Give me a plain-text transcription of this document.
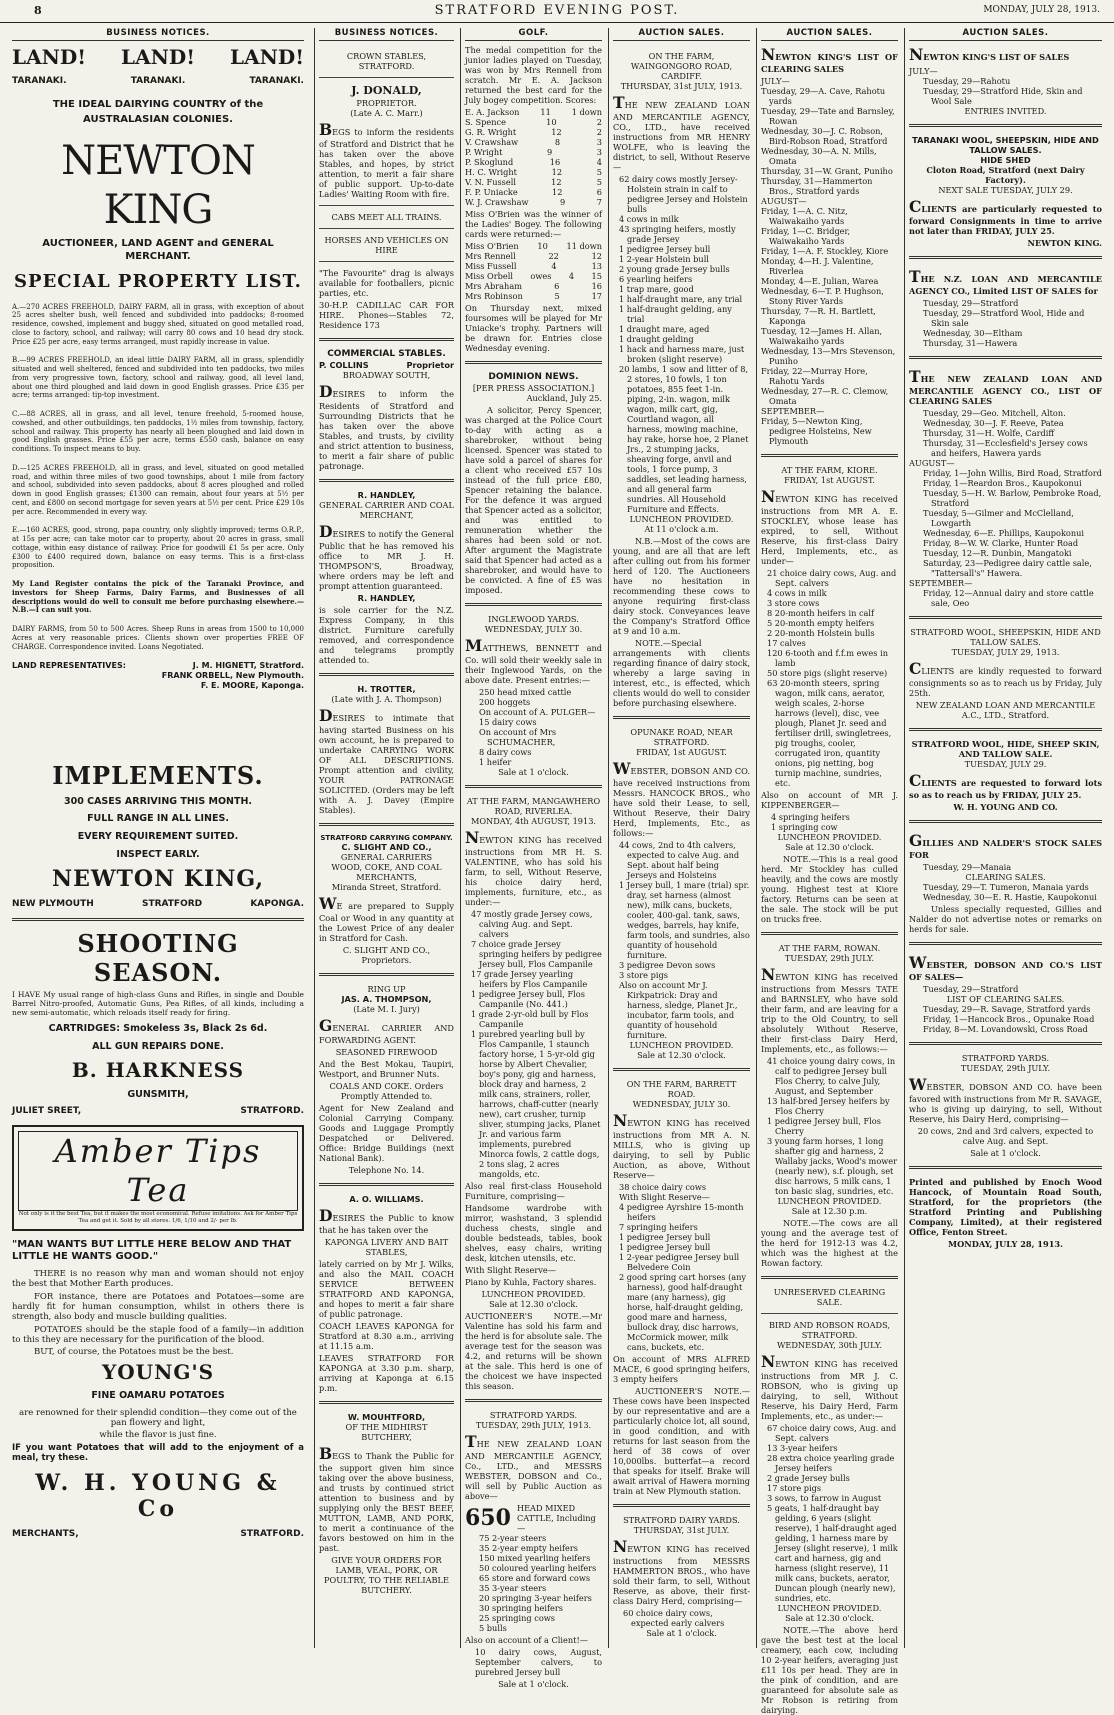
8	STRATFORD EVENING POST.	MONDAY, JULY 28, 1913.
BUSINESS NOTICES.
LAND! LAND! LAND!
TARANAKI.	TARANAKI.	TARANAKI.
THE IDEAL DAIRYING COUNTRY of the AUSTRALASIAN COLONIES.
NEWTON KING
AUCTIONEER, LAND AGENT and GENERAL MERCHANT.
SPECIAL PROPERTY LIST.
A.—270 ACRES FREEHOLD, DAIRY FARM, all in grass, with exception of about 25 acres shelter bush, well fenced and subdivided into paddocks; 8-roomed residence, cowshed, implement and buggy shed, situated on good metalled road, close to factory, school, and railway; will carry 80 cows and 10 head dry stock. Price £25 per acre, easy terms arranged, must rapidly increase in value.
B.—99 ACRES FREEHOLD, an ideal little DAIRY FARM, all in grass, splendidly situated and well sheltered, fenced and subdivided into ten paddocks, two miles from very progressive town, factory, school and railway, good, all level land, about one third ploughed and laid down in good English grasses. Price £35 per acre; terms arranged: tip-top investment.
C.—88 ACRES, all in grass, and all level, tenure freehold, 5-roomed house, cowshed, and other outbuildings, ten paddocks, 1½ miles from township, factory, school and railway. This property has nearly all been ploughed and laid down in good English grasses. Price £55 per acre, terms £550 cash, balance on easy conditions. To inspect means to buy.
D.—125 ACRES FREEHOLD, all in grass, and level, situated on good metalled road, and within three miles of two good townships, about 1 mile from factory and school, subdivided into seven paddocks, about 8 acres ploughed and rolled down in good English grasses; £1300 can remain, about four years at 5½ per cent, and £800 on second mortgage for seven years at 5½ per cent. Price £29 10s per acre. Recommended in every way.
E.—160 ACRES, good, strong, papa country, only slightly improved; terms O.R.P., at 15s per acre; can take motor car to property, about 20 acres in grass, small cottage, within easy distance of railway. Price for goodwill £1 5s per acre. Only £300 to £400 required down, balance on easy terms. This is a first-class proposition.
My Land Register contains the pick of the Taranaki Province, and investors for Sheep Farms, Dairy Farms, and Businesses of all descriptions would do well to consult me before purchasing elsewhere.—N.B.—I can suit you.
DAIRY FARMS, from 50 to 500 Acres. Sheep Runs in areas from 1500 to 10,000 Acres at very reasonable prices. Clients shown over properties FREE OF CHARGE. Correspondence invited. Loans Negotiated.
LAND REPRESENTATIVES:	J. M. HIGNETT, Stratford.
FRANK ORBELL, New Plymouth.
F. E. MOORE, Kaponga.
IMPLEMENTS.
300 CASES ARRIVING THIS MONTH.
FULL RANGE IN ALL LINES.
EVERY REQUIREMENT SUITED.
INSPECT EARLY.
NEWTON KING,
NEW PLYMOUTH	STRATFORD	KAPONGA.
SHOOTING SEASON.

I HAVE My usual range of high-class Guns and Rifles, in single and Double Barrel Nitro-proofed, Automatic Guns, Pea Rifles, of all kinds, including a new semi-automatic, which reloads itself ready for firing.

CARTRIDGES: Smokeless 3s, Black 2s 6d.
ALL GUN REPAIRS DONE.
B. HARKNESS
GUNSMITH,
JULIET SREET,	STRATFORD.
Amber Tips Tea
Not only is it the best Tea, but it makes the most economical. Refuse imitations. Ask for Amber Tips Tea and get it. Sold by all stores. 1/6, 1/10 and 2/- per lb.
"MAN WANTS BUT LITTLE HERE BELOW AND THAT LITTLE HE WANTS GOOD."

THERE is no reason why man and woman should not enjoy the best that Mother Earth produces.

FOR instance, there are Potatoes and Potatoes—some are hardly fit for human consumption, whilst in others there is strength, also body and muscle building qualities.

POTATOES should be the staple food of a family—in addition to this they are necessary for the purification of the blood.

BUT, of course, the Potatoes must be the best.

YOUNG'S
FINE OAMARU POTATOES

are renowned for their splendid condition—they come out of the pan flowery and light,

while the flavor is just fine.

IF you want Potatoes that will add to the enjoyment of a meal, try these.

W. H. YOUNG & Co
MERCHANTS,	STRATFORD.
BUSINESS NOTICES.
CROWN STABLES, STRATFORD.
J. DONALD,
PROPRIETOR.
(Late A. C. Marr.)

BEGS to inform the residents of Stratford and District that he has taken over the above Stables, and hopes, by strict attention, to merit a fair share of public support. Up-to-date Ladies' Waiting Room with fire.

CABS MEET ALL TRAINS.
HORSES AND VEHICLES ON HIRE

"The Favourite" drag is always available for footballers, picnic parties, etc.

30-H.P. CADILLAC CAR FOR HIRE. Phones—Stables 72, Residence 173

COMMERCIAL STABLES.
P. COLLINS	Proprietor
BROADWAY SOUTH,

DESIRES to inform the Residents of Stratford and Surrounding Districts that he has taken over the above Stables, and trusts, by civility and strict attention to business, to merit a fair share of public patronage.

R. HANDLEY,
GENERAL CARRIER AND COAL MERCHANT,

DESIRES to notify the General Public that he has removed his office to MR J. H. THOMPSON'S, Broadway, where orders may be left and prompt attention guaranteed.

R. HANDLEY,

is sole carrier for the N.Z. Express Company, in this district. Furniture carefully removed, and correspondence and telegrams promptly attended to.

H. TROTTER,
(Late with J. A. Thompson)

DESIRES to intimate that having started Business on his own account, he is prepared to undertake CARRYING WORK OF ALL DESCRIPTIONS. Prompt attention and civility, YOUR PATRONAGE SOLICITED. (Orders may be left with A. J. Davey (Empire Stables).

STRATFORD CARRYING COMPANY.
C. SLIGHT AND CO.,
GENERAL CARRIERS
WOOD, COKE, AND COAL MERCHANTS,
Miranda Street, Stratford.

WE are prepared to Supply Coal or Wood in any quantity at the Lowest Price of any dealer in Stratford for Cash.

C. SLIGHT AND CO., Proprietors.
RING UP
JAS. A. THOMPSON,
(Late M. I. Jury)

GENERAL CARRIER AND FORWARDING AGENT.

SEASONED FIREWOOD

And the Best Mokau, Taupiri, Westport, and Brunner Nuts.

COALS AND COKE. Orders Promptly Attended to.

Agent for New Zealand and Colonial Carrying Company. Goods and Luggage Promptly Despatched or Delivered. Office: Bridge Buildings (next National Bank).

Telephone No. 14.
A. O. WILLIAMS.

DESIRES the Public to know that he has taken over the

KAPONGA LIVERY AND BAIT STABLES,

lately carried on by Mr J. Wilks, and also the MAIL COACH SERVICE BETWEEN STRATFORD AND KAPONGA, and hopes to merit a fair share of public patronage.

COACH LEAVES KAPONGA for Stratford at 8.30 a.m., arriving at 11.15 a.m.

LEAVES STRATFORD FOR KAPONGA at 3.30 p.m. sharp, arriving at Kaponga at 6.15 p.m.

W. MOUHTFORD,
OF THE MIDHIRST BUTCHERY,

BEGS to Thank the Public for the support given him since taking over the above business, and trusts by continued strict attention to business and by supplying only the BEST BEEF, MUTTON, LAMB, AND PORK, to merit a continuance of the favors bestowed on him in the past.

GIVE YOUR ORDERS FOR LAMB, VEAL, PORK, OR POULTRY, TO THE RELIABLE BUTCHERY.

GOLF.

The medal competition for the junior ladies played on Tuesday, was won by Mrs Rennell from scratch. Mr E. A. Jackson returned the best card for the July bogey competition. Scores:

E. A. Jackson	11	1 down
S. Spence	10	2
G. R. Wright	12	2
V. Crawshaw	8	3
P. Wright	9	3
P. Skoglund	16	4
H. C. Wright	12	5
V. N. Fussell	12	5
F. P. Uniacke	12	6
W. J. Crawshaw	9	7

Miss O'Brien was the winner of the Ladies' Bogey. The following cards were returned:—

Miss O'Brien 10 11 down
Mrs Rennell	22	12
Miss Fussell	4	13
Miss Orbell owes 4 15
Mrs Abraham	6	16
Mrs Robinson	5	17

On Thursday next, mixed foursomes will be played for Mr Uniacke's trophy. Partners will be drawn for. Entries close Wednesday evening.

DOMINION NEWS.
[PER PRESS ASSOCIATION.]
Auckland, July 25.

A solicitor, Percy Spencer, was charged at the Police Court to-day with acting as a sharebroker, without being licensed. Spencer was stated to have sold a parcel of shares for a client who received £57 10s instead of the full price £80, Spencer retaining the balance. For the defence it was argued that Spencer acted as a solicitor, and was entitled to remuneration whether the shares had been sold or not. After argument the Magistrate said that Spencer had acted as a sharebroker, and would have to be convicted. A fine of £5 was imposed.

INGLEWOOD YARDS.
WEDNESDAY, JULY 30.

MATTHEWS, BENNETT and Co. will sold their weekly sale in their Inglewood Yards, on the above date. Present entries:—

250 head mixed cattle
200 hoggets
On account of A. PULGER—
15 dairy cows
On account of Mrs SCHUMACHER,
8 dairy cows
1 heifer
Sale at 1 o'clock.
AT THE FARM, MANGAWHERO ROAD, RIVERLEA.
MONDAY, 4th AUGUST, 1913.

NEWTON KING has received instructions from MR H. S. VALENTINE, who has sold his farm, to sell, Without Reserve, his choice dairy herd, implements, furniture, etc., as under:—

47 mostly grade Jersey cows, calving Aug. and Sept. calvers
7 choice grade Jersey springing heifers by pedigree Jersey bull, Flos Campanile
17 grade Jersey yearling heifers by Flos Campanile
1 pedigree Jersey bull, Flos Campanile (No. 441.)
1 grade 2-yr-old bull by Flos Campanile
1 purebred yearling bull by Flos Campanile, 1 staunch factory horse, 1 5-yr-old gig horse by Albert Chevalier, boy's pony, gig and harness, block dray and harness, 2 milk cans, strainers, roller, harrows, chaff-cutter (nearly new), cart crusher, turnip sliver, stumping jacks, Planet Jr. and various farm implements, purebred Minorca fowls, 2 cattle dogs, 2 tons slag, 2 acres mangolds, etc.

Also real first-class Household Furniture, comprising—

Handsome wardrobe with mirror, washstand, 3 splendid duchess chests, single and double bedsteads, tables, book shelves, easy chairs, writing desk, kitchen utensils, etc.

With Slight Reserve—

Piano by Kuhla, Factory shares.

LUNCHEON PROVIDED.
Sale at 12.30 o'clock.

AUCTIONEER'S NOTE.—Mr Valentine has sold his farm and the herd is for absolute sale. The average test for the season was 4.2, and returns will be shown at the sale. This herd is one of the choicest we have inspected this season.

STRATFORD YARDS.
TUESDAY, 29th JULY, 1913.

THE NEW ZEALAND LOAN AND MERCANTILE AGENCY, Co., LTD., and MESSRS WEBSTER, DOBSON and Co., will sell by Public Auction as above—

650 HEAD MIXED CATTLE, Including—
75 2-year steers
35 2-year empty heifers
150 mixed yearling heifers
50 coloured yearling heifers
65 store and forward cows
35 3-year steers
20 springing 3-year heifers
30 springing heifers
25 springing cows
5 bulls

Also on account of a Client!—

10 dairy cows, August, September calvers, to purebred Jersey bull

Sale at 1 o'clock.
AUCTION SALES.
ON THE FARM, WAINGONGORO ROAD, CARDIFF.
THURSDAY, 31st JULY, 1913.

THE NEW ZEALAND LOAN AND MERCANTILE AGENCY, CO., LTD., have received instructions from MR HENRY WOLFE, who is leaving the district, to sell, Without Reserve—

62 dairy cows mostly Jersey-Holstein strain in calf to pedigree Jersey and Holstein bulls
4 cows in milk
43 springing heifers, mostly grade Jersey
1 pedigree Jersey bull
1 2-year Holstein bull
2 young grade Jersey bulls
6 yearling heifers
1 trap mare, good
1 half-draught mare, any trial
1 half-draught gelding, any trial
1 draught mare, aged
1 draught gelding
1 hack and harness mare, just broken (slight reserve)
20 lambs, 1 sow and litter of 8, 2 stores, 10 fowls, 1 ton potatoes, 855 feet 1-in. piping, 2-in. wagon, milk wagon, milk cart, gig, Courtland wagon, all harness, mowing machine, hay rake, horse hoe, 2 Planet Jrs., 2 stumping jacks, sheaving forge, anvil and tools, 1 force pump, 3 saddles, set leading harness, and all general farm sundries. All Household Furniture and Effects.
LUNCHEON PROVIDED.
At 11 o'clock a.m.

N.B.—Most of the cows are young, and are all that are left after culling out from his former herd of 120. The Auctioneers have no hesitation in recommending these cows to anyone requiring first-class dairy stock. Conveyances leave the Company's Stratford Office at 9 and 10 a.m.

NOTE.—Special arrangements with clients regarding finance of dairy stock, whereby a large saving in interest, etc., is effected, which clients would do well to consider before purchasing elsewhere.

OPUNAKE ROAD, NEAR STRATFORD.
FRIDAY, 1st AUGUST.

WEBSTER, DOBSON AND CO. have received instructions from Messrs. HANCOCK BROS., who have sold their Lease, to sell, Without Reserve, their Dairy Herd, Implements, Etc., as follows:—

44 cows, 2nd to 4th calvers, expected to calve Aug. and Sept. about half being Jerseys and Holsteins
1 Jersey bull, 1 mare (trial) spr. dray, set harness (almost new), milk cans, buckets, cooler, 400-gal. tank, saws, wedges, barrels, hay knife, farm tools, and sundries, also quantity of household furniture.
3 pedigree Devon sows
3 store pigs
Also on account Mr J. Kirkpatrick: Dray and harness, sledge, Planet Jr., incubator, farm tools, and quantity of household furniture.
LUNCHEON PROVIDED.
Sale at 12.30 o'clock.
ON THE FARM, BARRETT ROAD.
WEDNESDAY, JULY 30.

NEWTON KING has received instructions from MR A. N. MILLS, who is giving up dairying, to sell by Public Auction, as above, Without Reserve—

38 choice dairy cows
With Slight Reserve—
4 pedigree Ayrshire 15-month heifers
7 springing heifers
1 pedigree Jersey bull
1 pedigree Jersey bull
1 2-year pedigree Jersey bull Belvedere Coin
2 good spring cart horses (any harness), good half-draught mare (any harness), gig horse, half-draught gelding, good mare and harness, bullock dray, disc harrows, McCormick mower, milk cans, buckets, etc.

On account of MRS ALFRED MACE, 6 good springing heifers, 3 empty heifers

AUCTIONEER'S NOTE.—These cows have been inspected by our representative and are a particularly choice lot, all sound, in good condition, and with returns for last season from the herd of 38 cows of over 10,000lbs. butterfat—a record that speaks for itself. Brake will await arrival of Hawera morning train at New Plymouth station.

STRATFORD DAIRY YARDS.
THURSDAY, 31st JULY.

NEWTON KING has received instructions from MESSRS HAMMERTON BROS., who have sold their farm, to sell, Without Reserve, as above, their first-class Dairy Herd, comprising—

60 choice dairy cows, expected early calvers
Sale at 1 o'clock.
AUCTION SALES.

NEWTON KING'S LIST OF CLEARING SALES

JULY—
Tuesday, 29—A. Cave, Rahotu yards
Tuesday, 29—Tate and Barnsley, Rowan
Wednesday, 30—J. C. Robson, Bird-Robson Road, Stratford
Wednesday, 30—A. N. Mills, Omata
Thursday, 31—W. Grant, Puniho
Thursday, 31—Hammerton Bros., Stratford yards
AUGUST—
Friday, 1—A. C. Nitz, Waiwakaiho yards
Friday, 1—C. Bridger, Waiwakaiho Yards
Friday, 1—A. F. Stockley, Kiore
Monday, 4—H. J. Valentine, Riverlea
Monday, 4—E. Julian, Warea
Wednesday, 6—T. P. Hughson, Stony River Yards
Thursday, 7—R. H. Bartlett, Kaponga
Tuesday, 12—James H. Allan, Waiwakaiho yards
Wednesday, 13—Mrs Stevenson, Puniho
Friday, 22—Murray Hore, Rahotu Yards
Wednesday, 27—R. C. Clemow, Omata
SEPTEMBER—
Friday, 5—Newton King, pedigree Holsteins, New Plymouth
AT THE FARM, KIORE.
FRIDAY, 1st AUGUST.

NEWTON KING has received instructions from MR A. E. STOCKLEY, whose lease has expired, to sell, Without Reserve, his first-class Dairy Herd, Implements, etc., as under—

21 choice dairy cows, Aug. and Sept. calvers
4 cows in milk
3 store cows
8 20-month heifers in calf
5 20-month empty heifers
2 20-month Holstein bulls
17 calves
120 6-tooth and f.f.m ewes in lamb
50 store pigs (slight reserve)
63 20-month steers, spring wagon, milk cans, aerator, weigh scales, 2-horse harrows (level), disc, vee plough, Planet Jr. seed and fertiliser drill, swingletrees, pig troughs, cooler, corrugated iron, quantity onions, pig netting, bog turnip machine, sundries, etc.

Also on account of MR J. KIPPENBERGER—

4 springing heifers
1 springing cow
LUNCHEON PROVIDED.
Sale at 12.30 o'clock.

NOTE.—This is a real good herd. Mr Stockley has culled heavily, and the cows are mostly young. Highest test at Kiore factory. Returns can be seen at the sale. The stock will be put on trucks free.

AT THE FARM, ROWAN.
TUESDAY, 29th JULY.

NEWTON KING has received instructions from Messrs TATE and BARNSLEY, who have sold their farm, and are leaving for a trip to the Old Country, to sell absolutely Without Reserve, their first-class Dairy Herd, Implements, etc., as follows:—

41 choice young dairy cows, in calf to pedigree Jersey bull Flos Cherry, to calve July, August, and September
13 half-bred Jersey heifers by Flos Cherry
1 pedigree Jersey bull, Flos Cherry
3 young farm horses, 1 long shafter gig and harness, 2 Wallaby jacks, Wood's mower (nearly new), s.f. plough, set disc harrows, 5 milk cans, 1 ton basic slag, sundries, etc.
LUNCHEON PROVIDED.
Sale at 12.30 p.m.

NOTE.—The cows are all young and the average test of the herd for 1912-13 was 4.2, which was the highest at the Rowan factory.

UNRESERVED CLEARING SALE.
BIRD AND ROBSON ROADS, STRATFORD.
WEDNESDAY, 30th JULY.

NEWTON KING has received instructions from MR J. C. ROBSON, who is giving up dairying, to sell, Without Reserve, his Dairy Herd, Farm Implements, etc., as under:—

67 choice dairy cows, Aug. and Sept. calvers
13 3-year heifers
28 extra choice yearling grade Jersey heifers
2 grade Jersey bulls
17 store pigs
3 sows, to farrow in August
5 geats, 1 half-draught bay gelding, 6 years (slight reserve), 1 half-draught aged gelding, 1 harness mare by Jersey (slight reserve), 1 milk cart and harness, gig and harness (slight reserve), 11 milk cans, buckets, aerator, Duncan plough (nearly new), sundries, etc.
LUNCHEON PROVIDED.
Sale at 12.30 o'clock.

NOTE.—The above herd gave the best test at the local creamery, each cow, including 10 2-year heifers, averaging just £11 10s per head. They are in the pink of condition, and are guaranteed for absolute sale as Mr Robson is retiring from dairying.

AUCTION SALES.

NEWTON KING'S LIST OF SALES

JULY—
Tuesday, 29—Rahotu
Tuesday, 29—Stratford Hide, Skin and Wool Sale
ENTRIES INVITED.
TARANAKI WOOL, SHEEPSKIN, HIDE AND TALLOW SALES.
HIDE SHED
Cloton Road, Stratford (next Dairy Factory).
NEXT SALE TUESDAY, JULY 29.

CLIENTS are particularly requested to forward Consignments in time to arrive not later than FRIDAY, JULY 25.

NEWTON KING.

THE N.Z. LOAN AND MERCANTILE AGENCY CO., Limited LIST OF SALES for

Tuesday, 29—Stratford
Tuesday, 29—Stratford Wool, Hide and Skin sale
Wednesday, 30—Eltham
Thursday, 31—Hawera

THE NEW ZEALAND LOAN AND MERCANTILE AGENCY CO., LIST OF CLEARING SALES

Tuesday, 29—Geo. Mitchell, Alton.
Wednesday, 30—J. F. Reeve, Patea
Thursday, 31—H. Wolfe, Cardiff
Thursday, 31—Ecclesfield's Jersey cows and heifers, Hawera yards
AUGUST—
Friday, 1—John Willis, Bird Road, Stratford
Friday, 1—Reardon Bros., Kaupokonui
Tuesday, 5—H. W. Barlow, Pembroke Road, Stratford
Tuesday, 5—Gilmer and McClelland, Lowgarth
Wednesday, 6—E. Phillips, Kaupokonui
Friday, 8—W. W. Clarke, Hunter Road
Tuesday, 12—R. Dunbin, Mangatoki
Saturday, 23—Pedigree dairy cattle sale, "Tattersall's" Hawera.
SEPTEMBER—
Friday, 12—Annual dairy and store cattle sale, Oeo
STRATFORD WOOL, SHEEPSKIN, HIDE AND TALLOW SALES.
TUESDAY, JULY 29, 1913.

CLIENTS are kindly requested to forward consignments so as to reach us by Friday, July 25th.

NEW ZEALAND LOAN AND MERCANTILE A.C., LTD., Stratford.
STRATFORD WOOL, HIDE, SHEEP SKIN, AND TALLOW SALE.
TUESDAY, JULY 29.

CLIENTS are requested to forward lots so as to reach us by FRIDAY, JULY 25.

W. H. YOUNG AND CO.

GILLIES AND NALDER'S STOCK SALES FOR

Tuesday, 29—Manaia
CLEARING SALES.
Tuesday, 29—T. Tumeron, Manaia yards
Wednesday, 30—E. R. Hastie, Kaupokonui

Unless specially requested, Gillies and Nalder do not advertise notes or remarks on herds for sale.

WEBSTER, DOBSON AND CO.'S LIST OF SALES—

Tuesday, 29—Stratford
LIST OF CLEARING SALES.
Tuesday, 29—R. Savage, Stratford yards
Friday, 1—Hancock Bros., Opunake Road
Friday, 8—M. Lovandowski, Cross Road
STRATFORD YARDS.
TUESDAY, 29th JULY.

WEBSTER, DOBSON AND CO. have been favored with instructions from Mr R. SAVAGE, who is giving up dairying, to sell, Without Reserve, his Dairy Herd, comprising—

20 cows, 2nd and 3rd calvers, expected to calve Aug. and Sept.

Sale at 1 o'clock.

Printed and published by Enoch Wood Hancock, of Mountain Road South, Stratford, for the proprietors (the Stratford Printing and Publishing Company, Limited), at their registered Office, Fenton Street.

MONDAY, JULY 28, 1913.
